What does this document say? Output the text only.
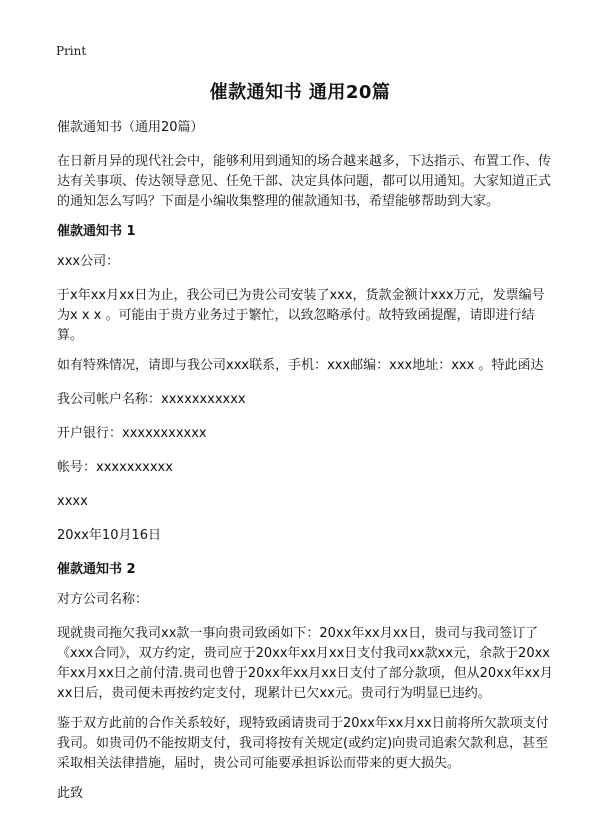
Print
催款通知书 通用20篇

催款通知书（通用20篇）

在日新月异的现代社会中，能够利用到通知的场合越来越多，下达指示、布置工作、传达有关事项、传达领导意见、任免干部、决定具体问题，都可以用通知。大家知道正式的通知怎么写吗？下面是小编收集整理的催款通知书，希望能够帮助到大家。

催款通知书 1

xxx公司：

于x年xx月xx日为止，我公司已为贵公司安装了xxx，货款金额计xxx万元，发票编号为x x x 。可能由于贵方业务过于繁忙，以致忽略承付。故特致函提醒，请即进行结算。

如有特殊情况，请即与我公司xxx联系，手机：xxx邮编：xxx地址：xxx 。特此函达

我公司帐户名称：xxxxxxxxxxx

开户银行：xxxxxxxxxxx

帐号：xxxxxxxxxx

xxxx

20xx年10月16日

催款通知书 2

对方公司名称：

现就贵司拖欠我司xx款一事向贵司致函如下：20xx年xx月xx日，贵司与我司签订了《xxx合同》，双方约定，贵司应于20xx年xx月xx日支付我司xx款xx元，余款于20xx年xx月xx日之前付清.贵司也曾于20xx年xx月xx日支付了部分款项，但从20xx年xx月xx日后，贵司便未再按约定支付，现累计已欠xx元。贵司行为明显已违约。

鉴于双方此前的合作关系较好，现特致函请贵司于20xx年xx月xx日前将所欠款项支付我司。如贵司仍不能按期支付，我司将按有关规定(或约定)向贵司追索欠款利息，甚至采取相关法律措施，届时，贵公司可能要承担诉讼而带来的更大损失。

此致
